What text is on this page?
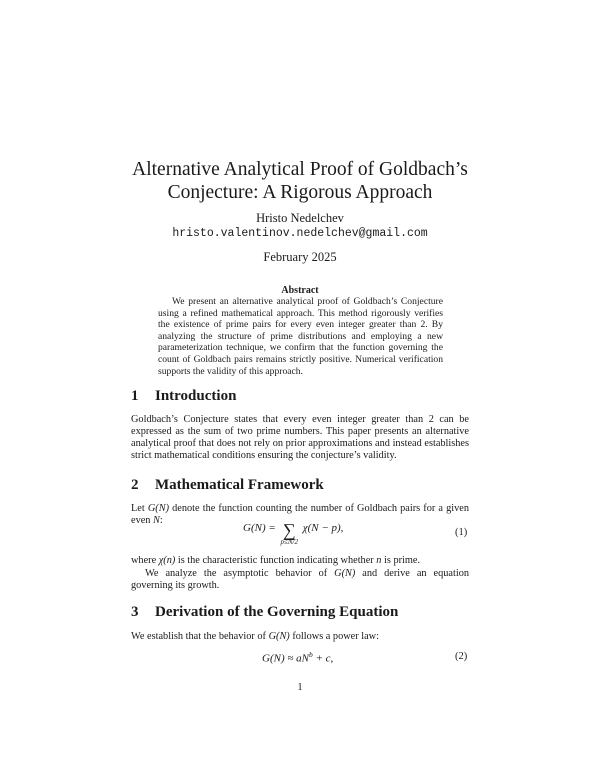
Alternative Analytical Proof of Goldbach’s
Conjecture: A Rigorous Approach
Hristo Nedelchev
hristo.valentinov.nedelchev@gmail.com
February 2025
Abstract
We present an alternative analytical proof of Goldbach’s Conjecture using a refined mathematical approach. This method rigorously verifies the existence of prime pairs for every even integer greater than 2. By analyzing the structure of prime distributions and employing a new parameterization technique, we confirm that the function governing the count of Goldbach pairs remains strictly positive. Numerical verification supports the validity of this approach.
1 Introduction
Goldbach’s Conjecture states that every even integer greater than 2 can be expressed as the sum of two prime numbers. This paper presents an alternative analytical proof that does not rely on prior approximations and instead establishes strict mathematical conditions ensuring the conjecture’s validity.
2 Mathematical Framework
Let G(N) denote the function counting the number of Goldbach pairs for a given even N:
G(N) = ∑
p≤N/2
χ(N − p),	(1)
where χ(n) is the characteristic function indicating whether n is prime.
We analyze the asymptotic behavior of G(N) and derive an equation governing its growth.
3 Derivation of the Governing Equation
We establish that the behavior of G(N) follows a power law:
$G(N) \approx aN^b + c$,	(2)
1
